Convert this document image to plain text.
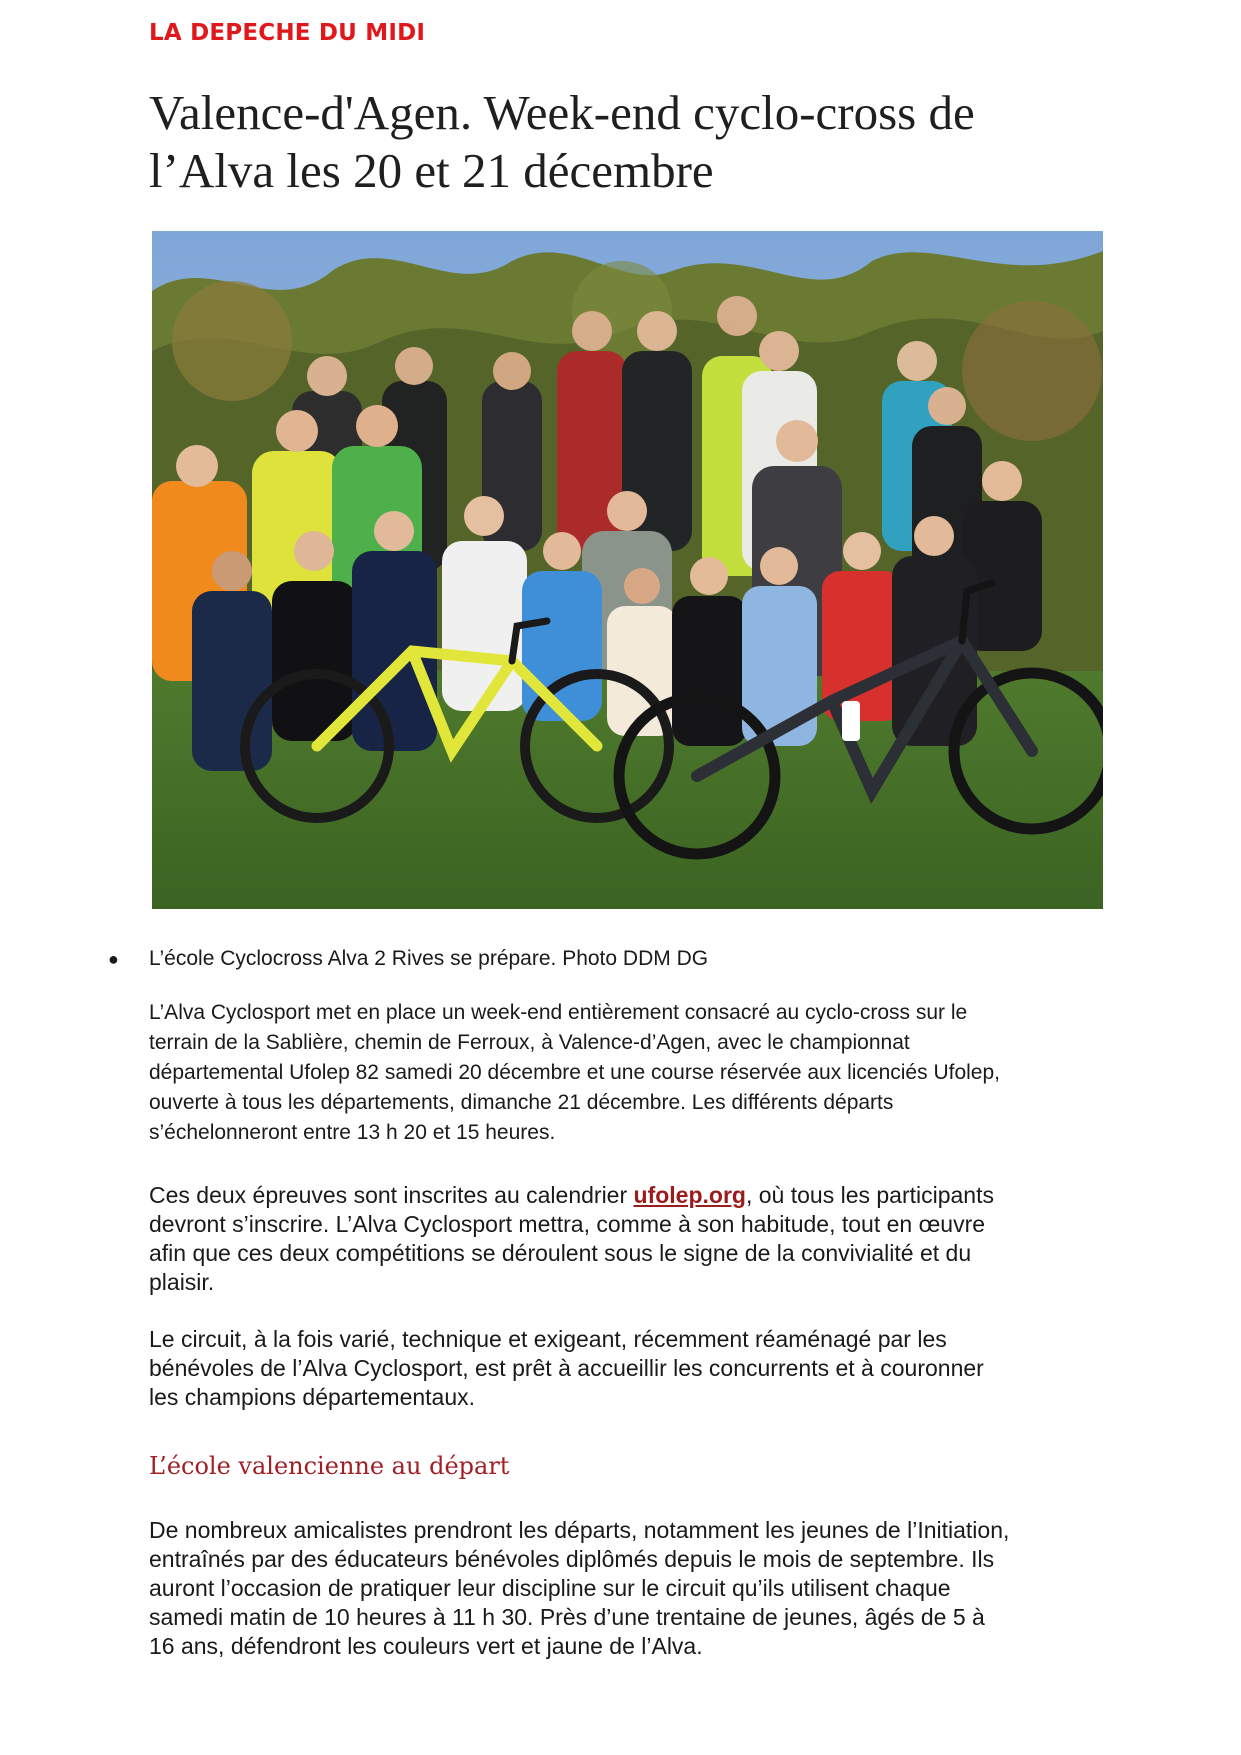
LA DEPECHE DU MIDI

Valence-d'Agen. Week-end cyclo-cross de
l’Alva les 20 et 21 décembre
● L’école Cyclocross Alva 2 Rives se prépare. Photo DDM DG

L’Alva Cyclosport met en place un week-end entièrement consacré au cyclo-cross sur le
terrain de la Sablière, chemin de Ferroux, à Valence-d’Agen, avec le championnat
départemental Ufolep 82 samedi 20 décembre et une course réservée aux licenciés Ufolep,
ouverte à tous les départements, dimanche 21 décembre. Les différents départs
s’échelonneront entre 13 h 20 et 15 heures.

Ces deux épreuves sont inscrites au calendrier ufolep.org, où tous les participants
devront s’inscrire. L’Alva Cyclosport mettra, comme à son habitude, tout en œuvre
afin que ces deux compétitions se déroulent sous le signe de la convivialité et du
plaisir.

Le circuit, à la fois varié, technique et exigeant, récemment réaménagé par les
bénévoles de l’Alva Cyclosport, est prêt à accueillir les concurrents et à couronner
les champions départementaux.

L’école valencienne au départ

De nombreux amicalistes prendront les départs, notamment les jeunes de l’Initiation,
entraînés par des éducateurs bénévoles diplômés depuis le mois de septembre. Ils
auront l’occasion de pratiquer leur discipline sur le circuit qu’ils utilisent chaque
samedi matin de 10 heures à 11 h 30. Près d’une trentaine de jeunes, âgés de 5 à
16 ans, défendront les couleurs vert et jaune de l’Alva.
